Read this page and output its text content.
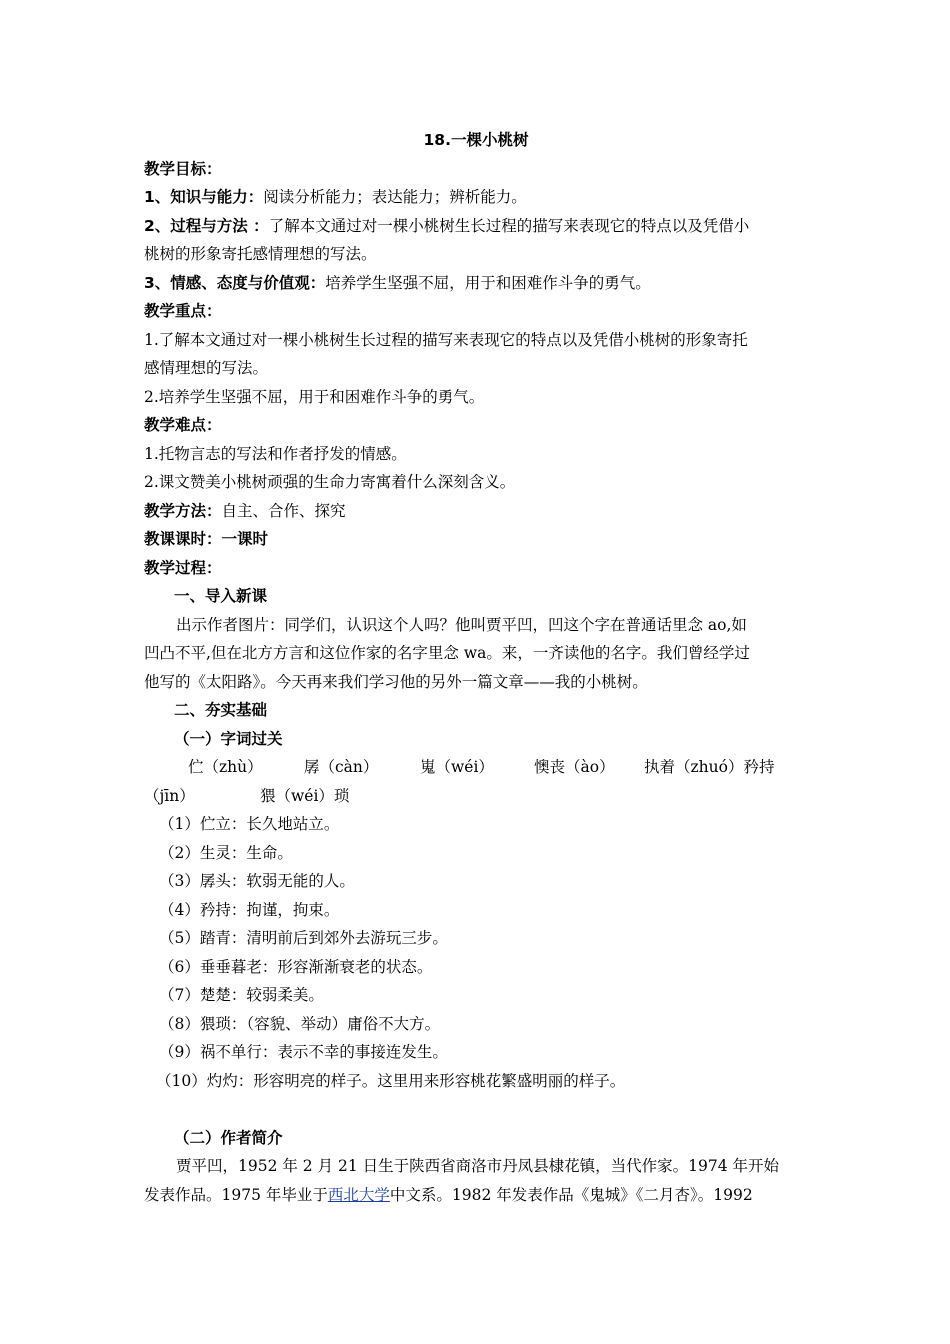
18.一棵小桃树
教学目标：
1、知识与能力：阅读分析能力；表达能力；辨析能力。
2、过程与方法 ：了解本文通过对一棵小桃树生长过程的描写来表现它的特点以及凭借小
桃树的形象寄托感情理想的写法。
3、情感、态度与价值观：培养学生坚强不屈，用于和困难作斗争的勇气。
教学重点：
1.了解本文通过对一棵小桃树生长过程的描写来表现它的特点以及凭借小桃树的形象寄托
感情理想的写法。
2.培养学生坚强不屈，用于和困难作斗争的勇气。
教学难点：
1.托物言志的写法和作者抒发的情感。
2.课文赞美小桃树顽强的生命力寄寓着什么深刻含义。
教学方法：自主、合作、探究
教课课时：一课时
教学过程：
一、导入新课
出示作者图片：同学们，认识这个人吗？他叫贾平凹，凹这个字在普通话里念 ao,如
凹凸不平,但在北方方言和这位作家的名字里念 wa。来，一齐读他的名字。我们曾经学过
他写的《太阳路》。今天再来我们学习他的另外一篇文章——我的小桃树。
二、夯实基础
（一）字词过关
伫（zhù）	孱（càn）	嵬（wéi）	懊丧（ào） 执着（zhuó）矜持
（jīn）	猥（wéi）琐
（1）伫立：长久地站立。
（2）生灵：生命。
（3）孱头：软弱无能的人。
（4）矜持：拘谨，拘束。
（5）踏青：清明前后到郊外去游玩三步。
（6）垂垂暮老：形容渐渐衰老的状态。
（7）楚楚：较弱柔美。
（8）猥琐：（容貌、举动）庸俗不大方。
（9）祸不单行：表示不幸的事接连发生。
（10）灼灼：形容明亮的样子。这里用来形容桃花繁盛明丽的样子。
（二）作者简介
贾平凹，1952 年 2 月 21 日生于陕西省商洛市丹凤县棣花镇，当代作家。1974 年开始
发表作品。1975 年毕业于西北大学中文系。1982 年发表作品《鬼城》《二月杏》。1992
